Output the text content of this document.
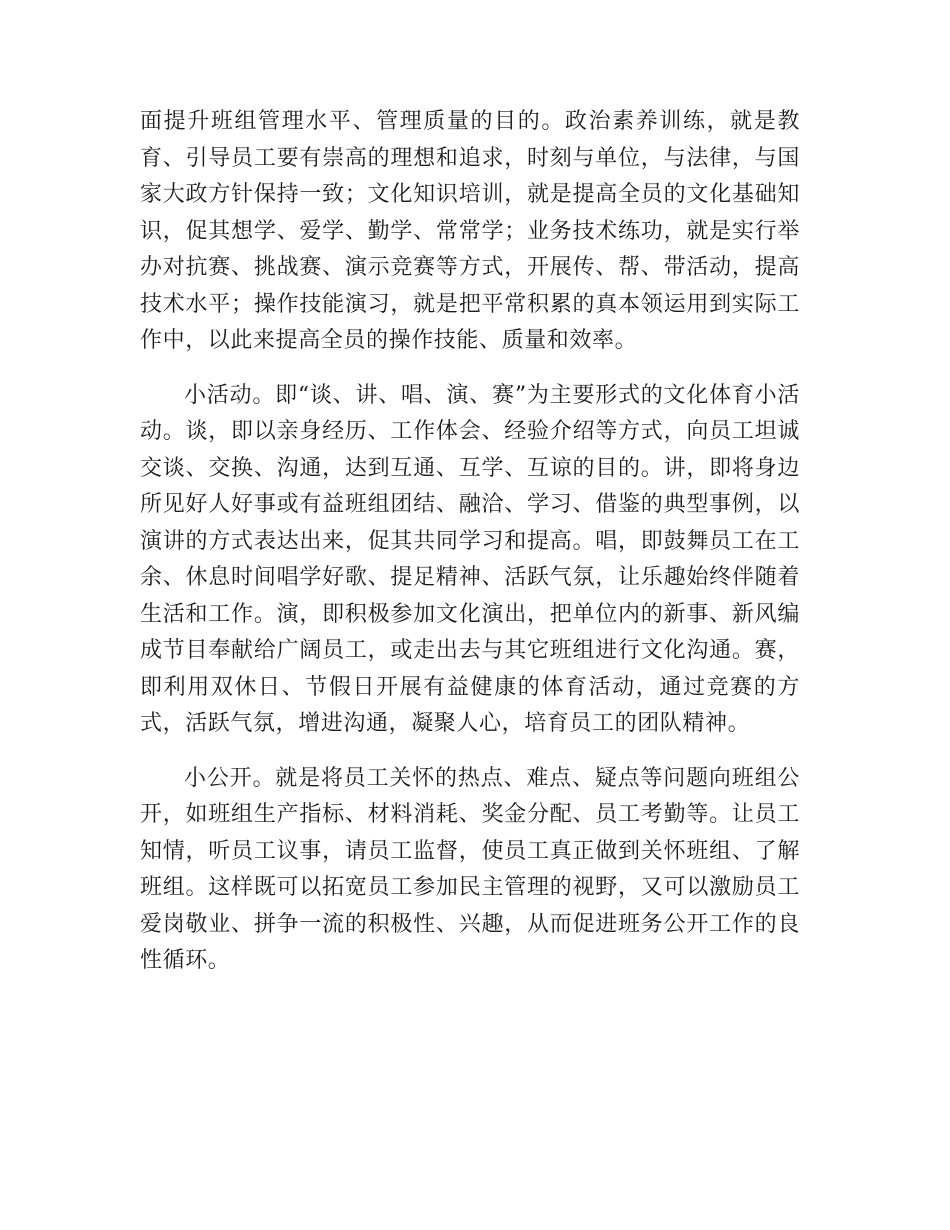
面提升班组管理水平、管理质量的目的。政治素养训练，就是教育、引导员工要有崇高的理想和追求，时刻与单位，与法律，与国家大政方针保持一致；文化知识培训，就是提高全员的文化基础知识，促其想学、爱学、勤学、常常学；业务技术练功，就是实行举办对抗赛、挑战赛、演示竞赛等方式，开展传、帮、带活动，提高技术水平；操作技能演习，就是把平常积累的真本领运用到实际工作中，以此来提高全员的操作技能、质量和效率。

小活动。即“谈、讲、唱、演、赛”为主要形式的文化体育小活动。谈，即以亲身经历、工作体会、经验介绍等方式，向员工坦诚交谈、交换、沟通，达到互通、互学、互谅的目的。讲，即将身边所见好人好事或有益班组团结、融洽、学习、借鉴的典型事例，以演讲的方式表达出来，促其共同学习和提高。唱，即鼓舞员工在工余、休息时间唱学好歌、提足精神、活跃气氛，让乐趣始终伴随着生活和工作。演，即积极参加文化演出，把单位内的新事、新风编成节目奉献给广阔员工，或走出去与其它班组进行文化沟通。赛，即利用双休日、节假日开展有益健康的体育活动，通过竞赛的方式，活跃气氛，增进沟通，凝聚人心，培育员工的团队精神。

小公开。就是将员工关怀的热点、难点、疑点等问题向班组公开，如班组生产指标、材料消耗、奖金分配、员工考勤等。让员工知情，听员工议事，请员工监督，使员工真正做到关怀班组、了解班组。这样既可以拓宽员工参加民主管理的视野，又可以激励员工爱岗敬业、拼争一流的积极性、兴趣，从而促进班务公开工作的良性循环。
